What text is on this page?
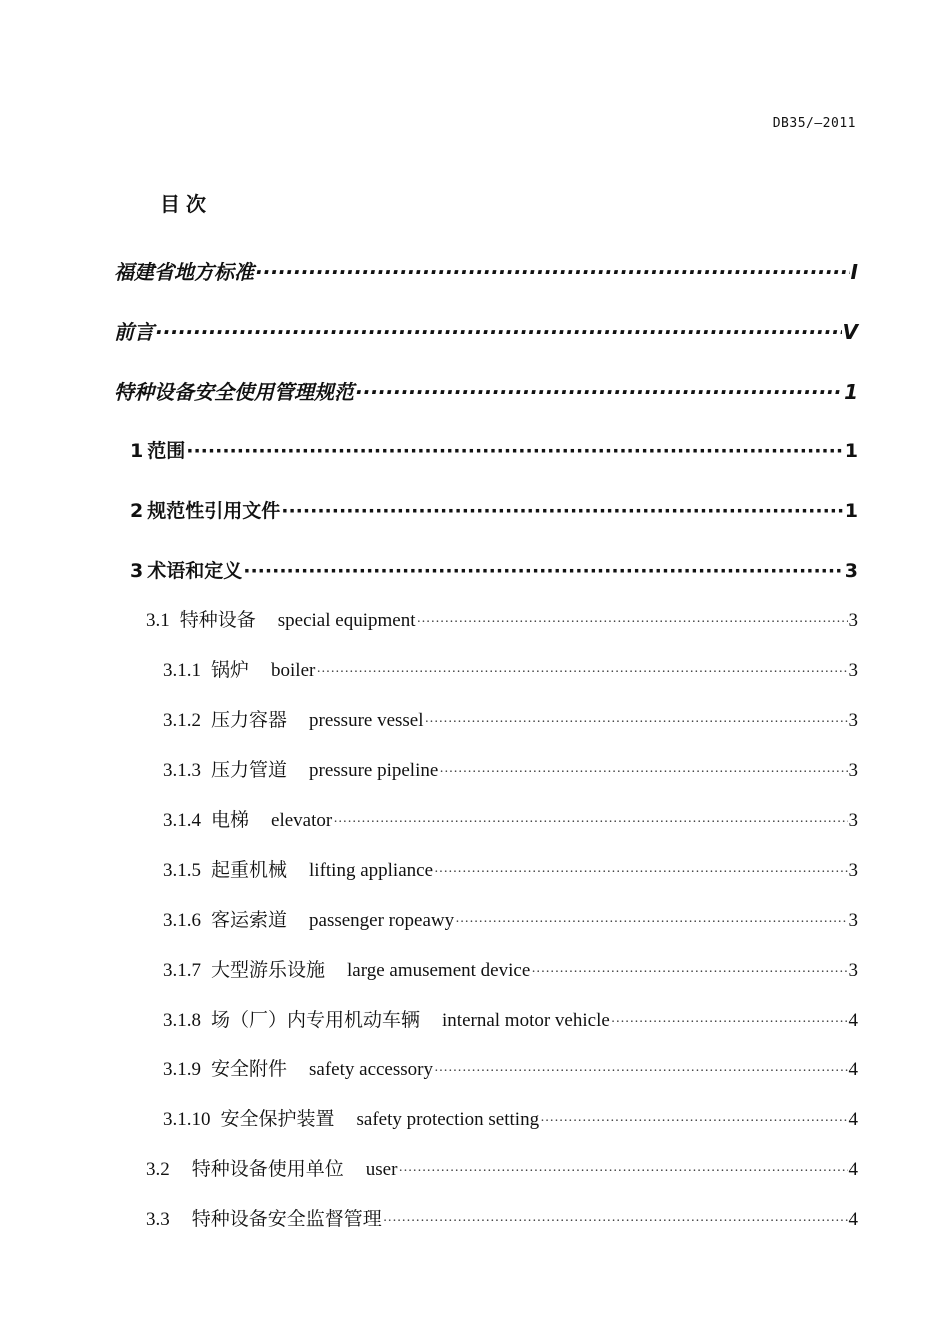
DB35/—2011
目次
福建省地方标准 ·····	I
前言 ·····	V
特种设备安全使用管理规范 ·····	1
1 范围 ·····	1
2 规范性引用文件 ·····	1
3 术语和定义 ·····	3
3.1 特种设备 special equipment ·····	3
3.1.1 锅炉 boiler ·····	3
3.1.2 压力容器 pressure vessel ·····	3
3.1.3 压力管道 pressure pipeline ·····	3
3.1.4 电梯 elevator ·····	3
3.1.5 起重机械 lifting appliance ·····	3
3.1.6 客运索道 passenger ropeawy ·····	3
3.1.7 大型游乐设施 large amusement device ·····	3
3.1.8 场（厂）内专用机动车辆 internal motor vehicle ·····	4
3.1.9 安全附件 safety accessory ·····	4
3.1.10 安全保护装置 safety protection setting ·····	4
3.2 特种设备使用单位 user ·····	4
3.3 特种设备安全监督管理 ·····	4
